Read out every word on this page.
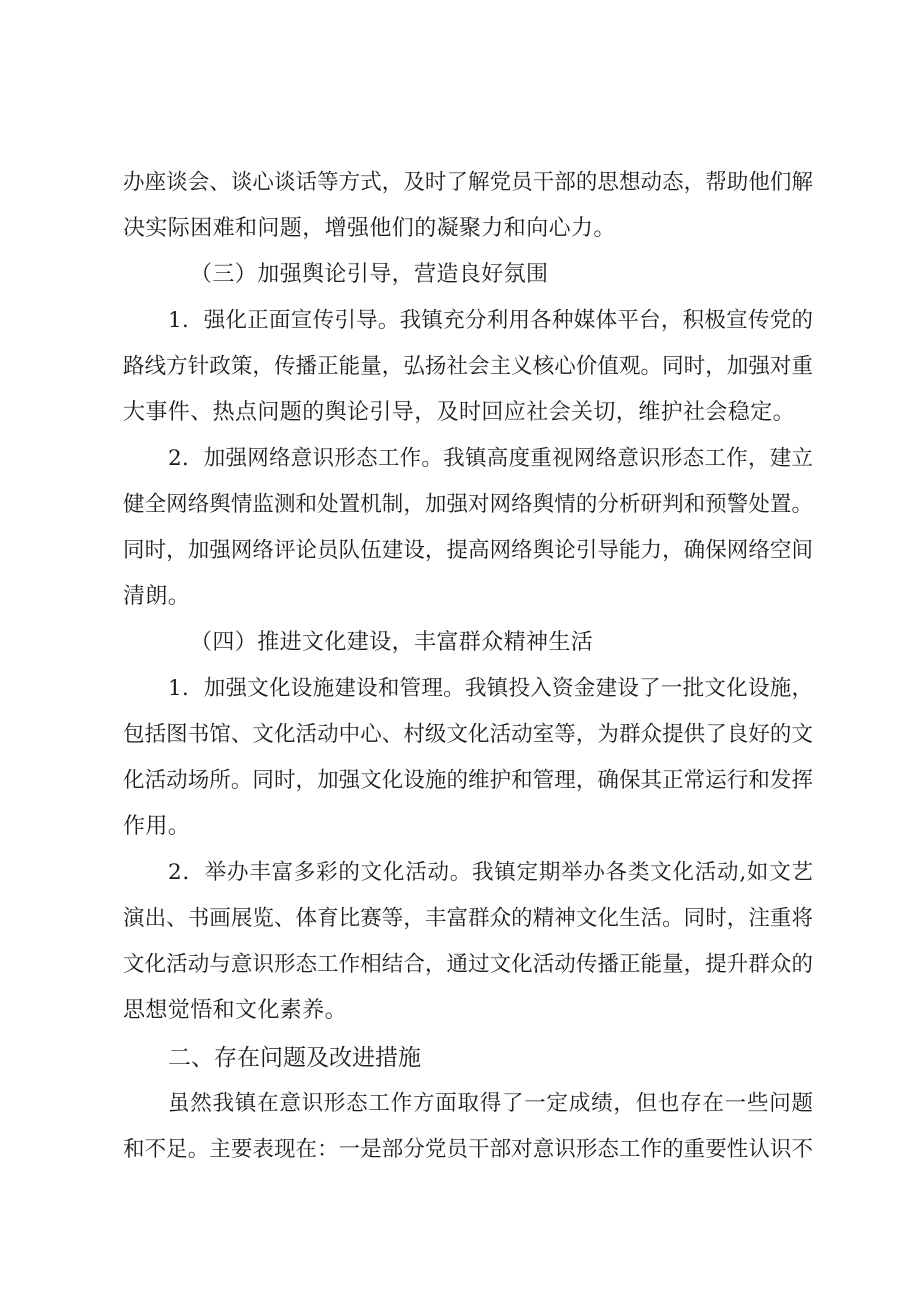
办座谈会、谈心谈话等方式，及时了解党员干部的思想动态，帮助他们解
决实际困难和问题，增强他们的凝聚力和向心力。
（三）加强舆论引导，营造良好氛围
1．强化正面宣传引导。我镇充分利用各种媒体平台，积极宣传党的
路线方针政策，传播正能量，弘扬社会主义核心价值观。同时，加强对重
大事件、热点问题的舆论引导，及时回应社会关切，维护社会稳定。
2．加强网络意识形态工作。我镇高度重视网络意识形态工作，建立
健全网络舆情监测和处置机制，加强对网络舆情的分析研判和预警处置。
同时，加强网络评论员队伍建设，提高网络舆论引导能力，确保网络空间
清朗。
（四）推进文化建设，丰富群众精神生活
1．加强文化设施建设和管理。我镇投入资金建设了一批文化设施，
包括图书馆、文化活动中心、村级文化活动室等，为群众提供了良好的文
化活动场所。同时，加强文化设施的维护和管理，确保其正常运行和发挥
作用。
2．举办丰富多彩的文化活动。我镇定期举办各类文化活动,如文艺
演出、书画展览、体育比赛等，丰富群众的精神文化生活。同时，注重将
文化活动与意识形态工作相结合，通过文化活动传播正能量，提升群众的
思想觉悟和文化素养。
二、存在问题及改进措施
虽然我镇在意识形态工作方面取得了一定成绩，但也存在一些问题
和不足。主要表现在：一是部分党员干部对意识形态工作的重要性认识不
